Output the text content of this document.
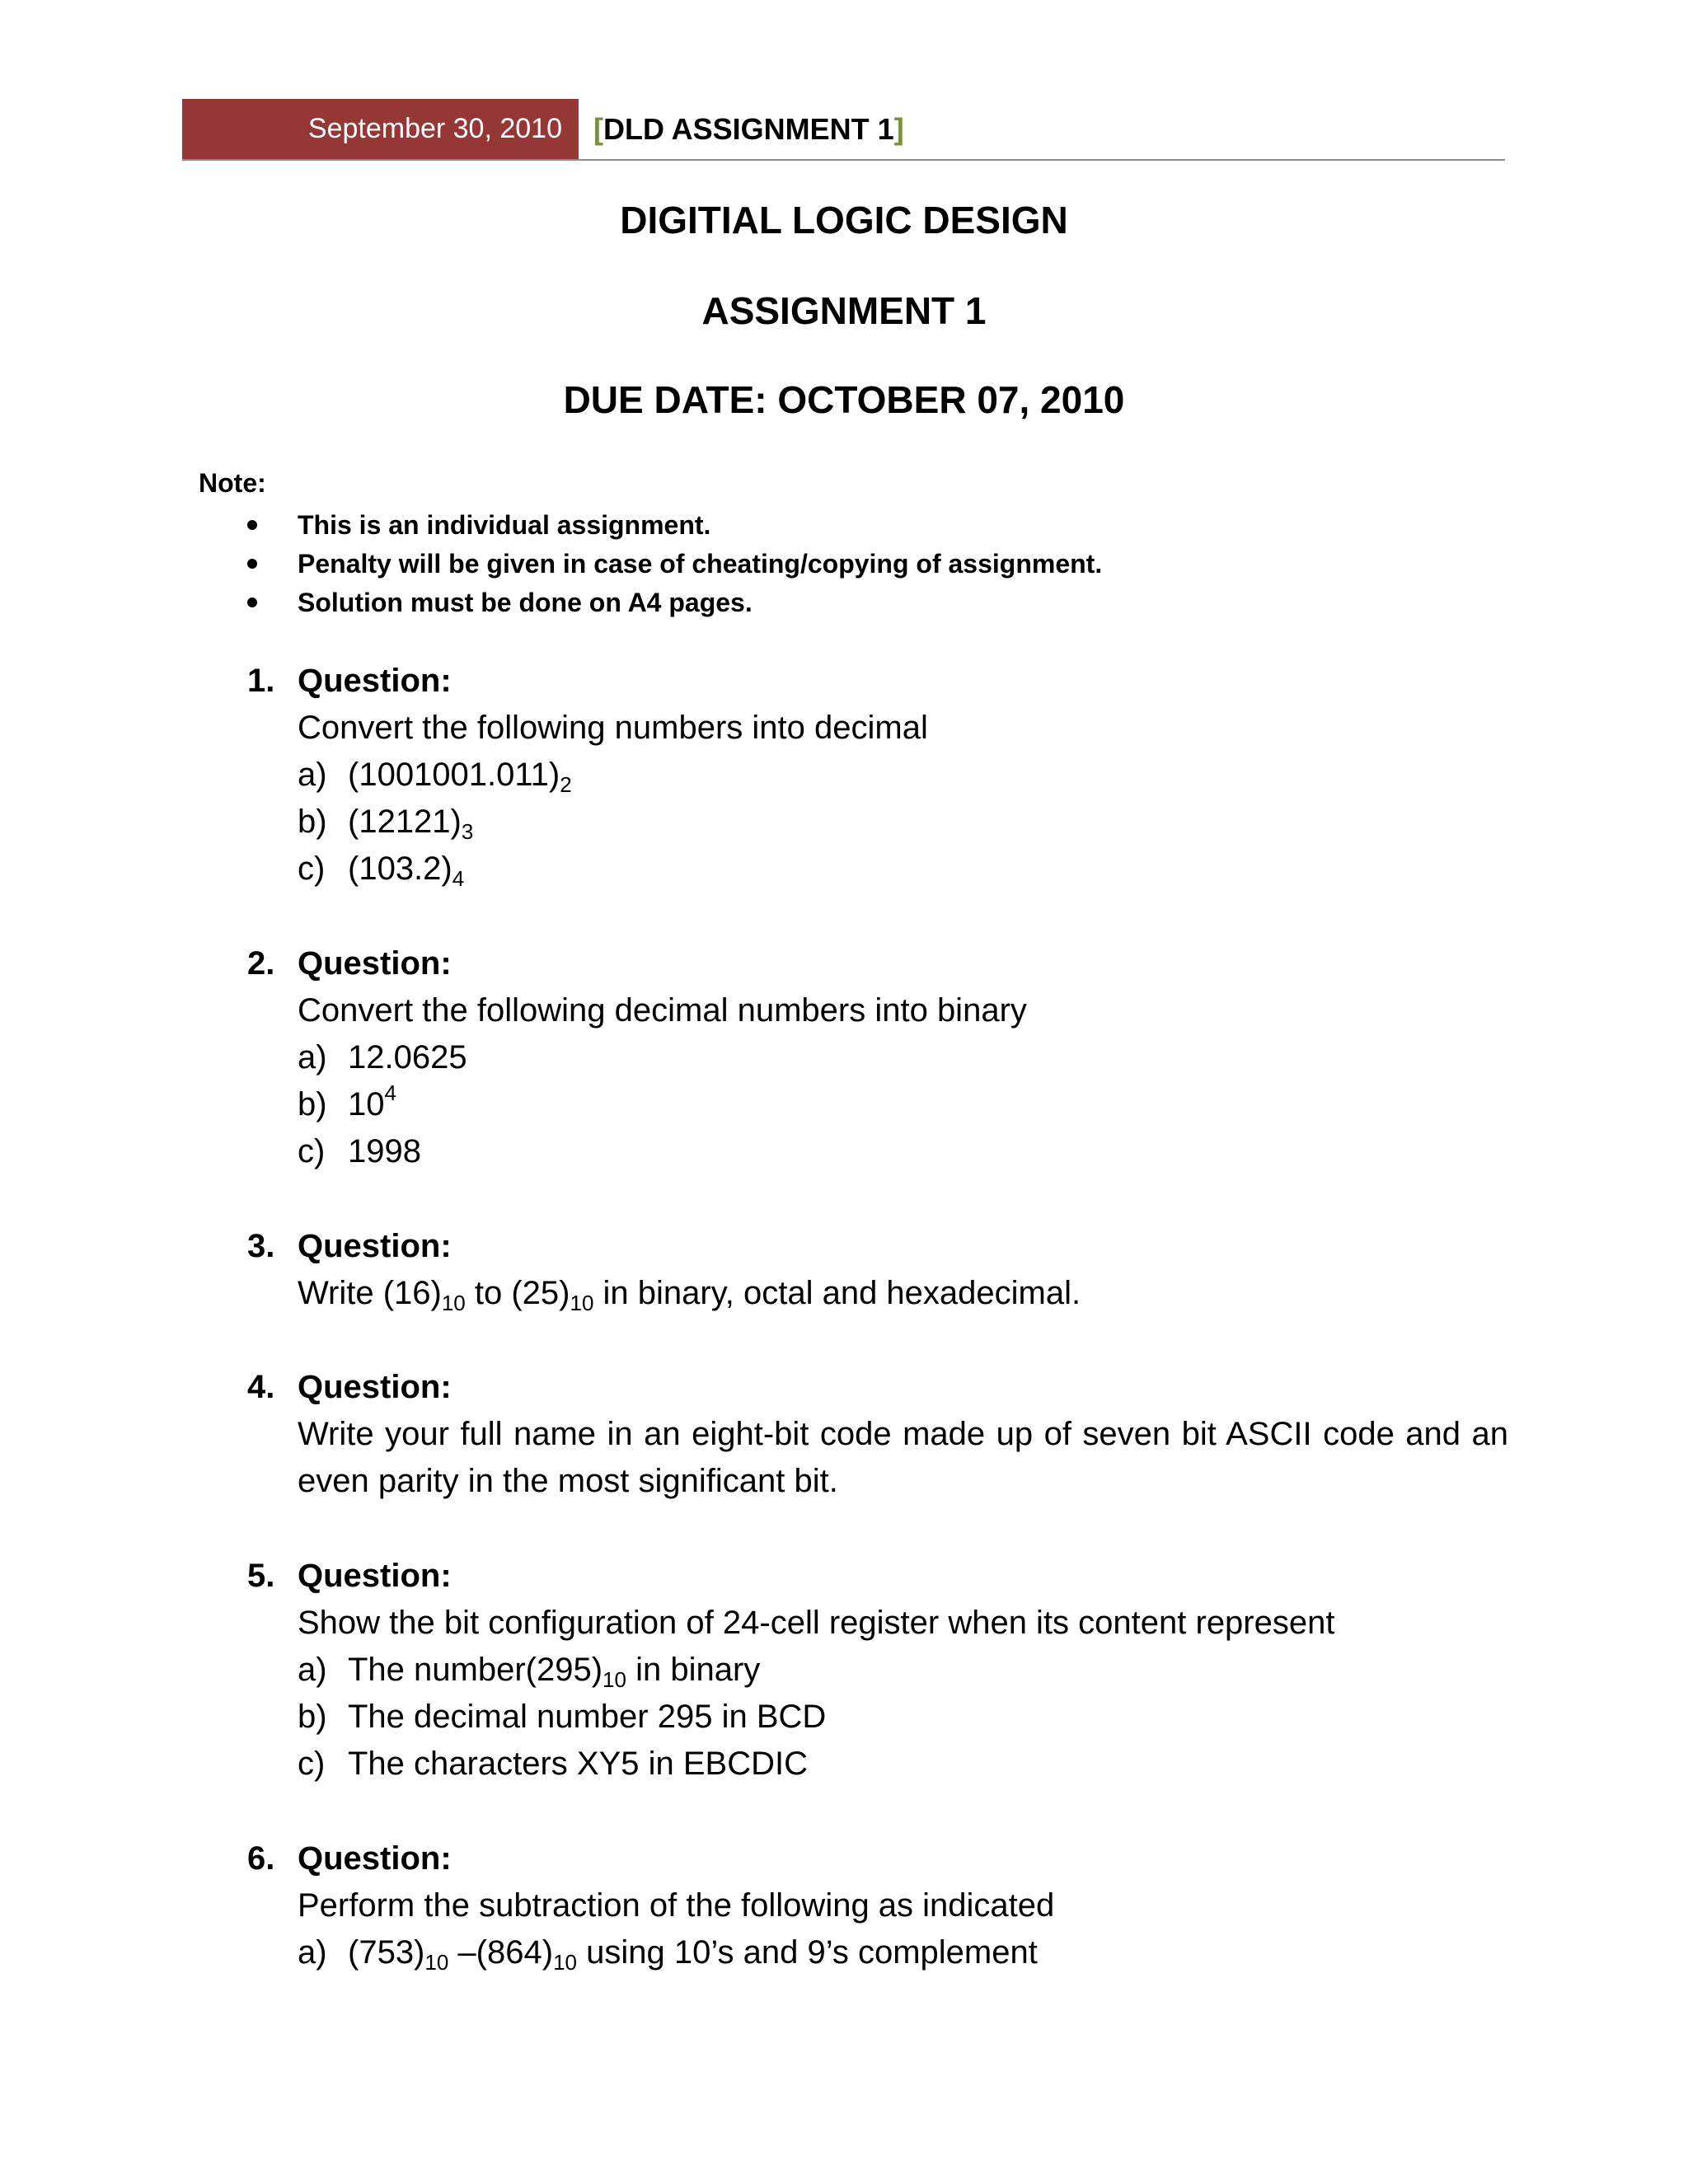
September 30, 2010	[DLD ASSIGNMENT 1]
DIGITIAL LOGIC DESIGN
ASSIGNMENT 1
DUE DATE: OCTOBER 07, 2010
Note:
This is an individual assignment.
Penalty will be given in case of cheating/copying of assignment.
Solution must be done on A4 pages.
1. Question:
Convert the following numbers into decimal
a) $(1001001.011)_2$
b) $(12121)_3$
c) $(103.2)_4$
2. Question:
Convert the following decimal numbers into binary
a) 12.0625
b) $10^4$
c) 1998
3. Question:
Write $(16)_{10}$ to $(25)_{10}$ in binary, octal and hexadecimal.
4. Question:
Write your full name in an eight-bit code made up of seven bit ASCII code and an even parity in the most significant bit.
5. Question:
Show the bit configuration of 24-cell register when its content represent
a) The $number(295)_{10}$ in binary
b) The decimal number 295 in BCD
c) The characters XY5 in EBCDIC
6. Question:
Perform the subtraction of the following as indicated
a) $(753)_{10}$ $-(864)_{10}$ using 10’s and 9’s complement
